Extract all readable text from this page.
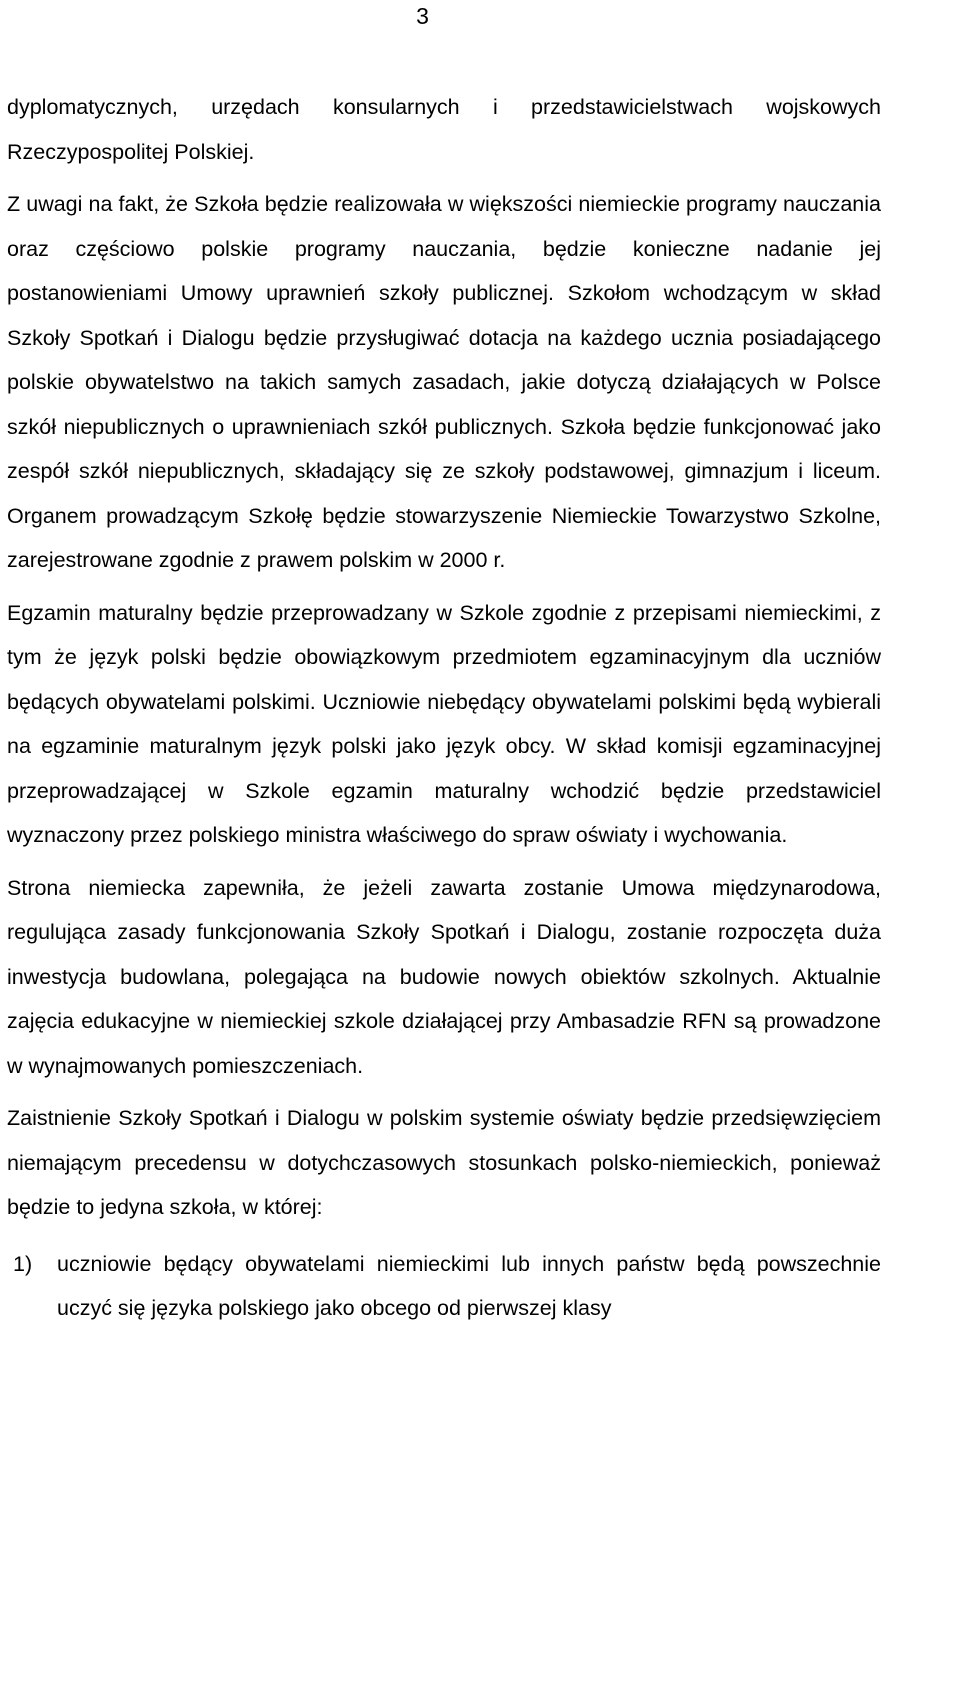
3

dyplomatycznych, urzędach konsularnych i przedstawicielstwach wojskowych Rzeczypospolitej Polskiej.

Z uwagi na fakt, że Szkoła będzie realizowała w większości niemieckie programy nauczania oraz częściowo polskie programy nauczania, będzie konieczne nadanie jej postanowieniami Umowy uprawnień szkoły publicznej. Szkołom wchodzącym w skład Szkoły Spotkań i Dialogu będzie przysługiwać dotacja na każdego ucznia posiadającego polskie obywatelstwo na takich samych zasadach, jakie dotyczą działających w Polsce szkół niepublicznych o uprawnieniach szkół publicznych. Szkoła będzie funkcjonować jako zespół szkół niepublicznych, składający się ze szkoły podstawowej, gimnazjum i liceum. Organem prowadzącym Szkołę będzie stowarzyszenie Niemieckie Towarzystwo Szkolne, zarejestrowane zgodnie z prawem polskim w 2000 r.

Egzamin maturalny będzie przeprowadzany w Szkole zgodnie z przepisami niemieckimi, z tym że język polski będzie obowiązkowym przedmiotem egzaminacyjnym dla uczniów będących obywatelami polskimi. Uczniowie niebędący obywatelami polskimi będą wybierali na egzaminie maturalnym język polski jako język obcy. W skład komisji egzaminacyjnej przeprowadzającej w Szkole egzamin maturalny wchodzić będzie przedstawiciel wyznaczony przez polskiego ministra właściwego do spraw oświaty i wychowania.

Strona niemiecka zapewniła, że jeżeli zawarta zostanie Umowa międzynarodowa, regulująca zasady funkcjonowania Szkoły Spotkań i Dialogu, zostanie rozpoczęta duża inwestycja budowlana, polegająca na budowie nowych obiektów szkolnych. Aktualnie zajęcia edukacyjne w niemieckiej szkole działającej przy Ambasadzie RFN są prowadzone w wynajmowanych pomieszczeniach.

Zaistnienie Szkoły Spotkań i Dialogu w polskim systemie oświaty będzie przedsięwzięciem niemającym precedensu w dotychczasowych stosunkach polsko-niemieckich, ponieważ będzie to jedyna szkoła, w której:

1)	uczniowie będący obywatelami niemieckimi lub innych państw będą powszechnie uczyć się języka polskiego jako obcego od pierwszej klasy
